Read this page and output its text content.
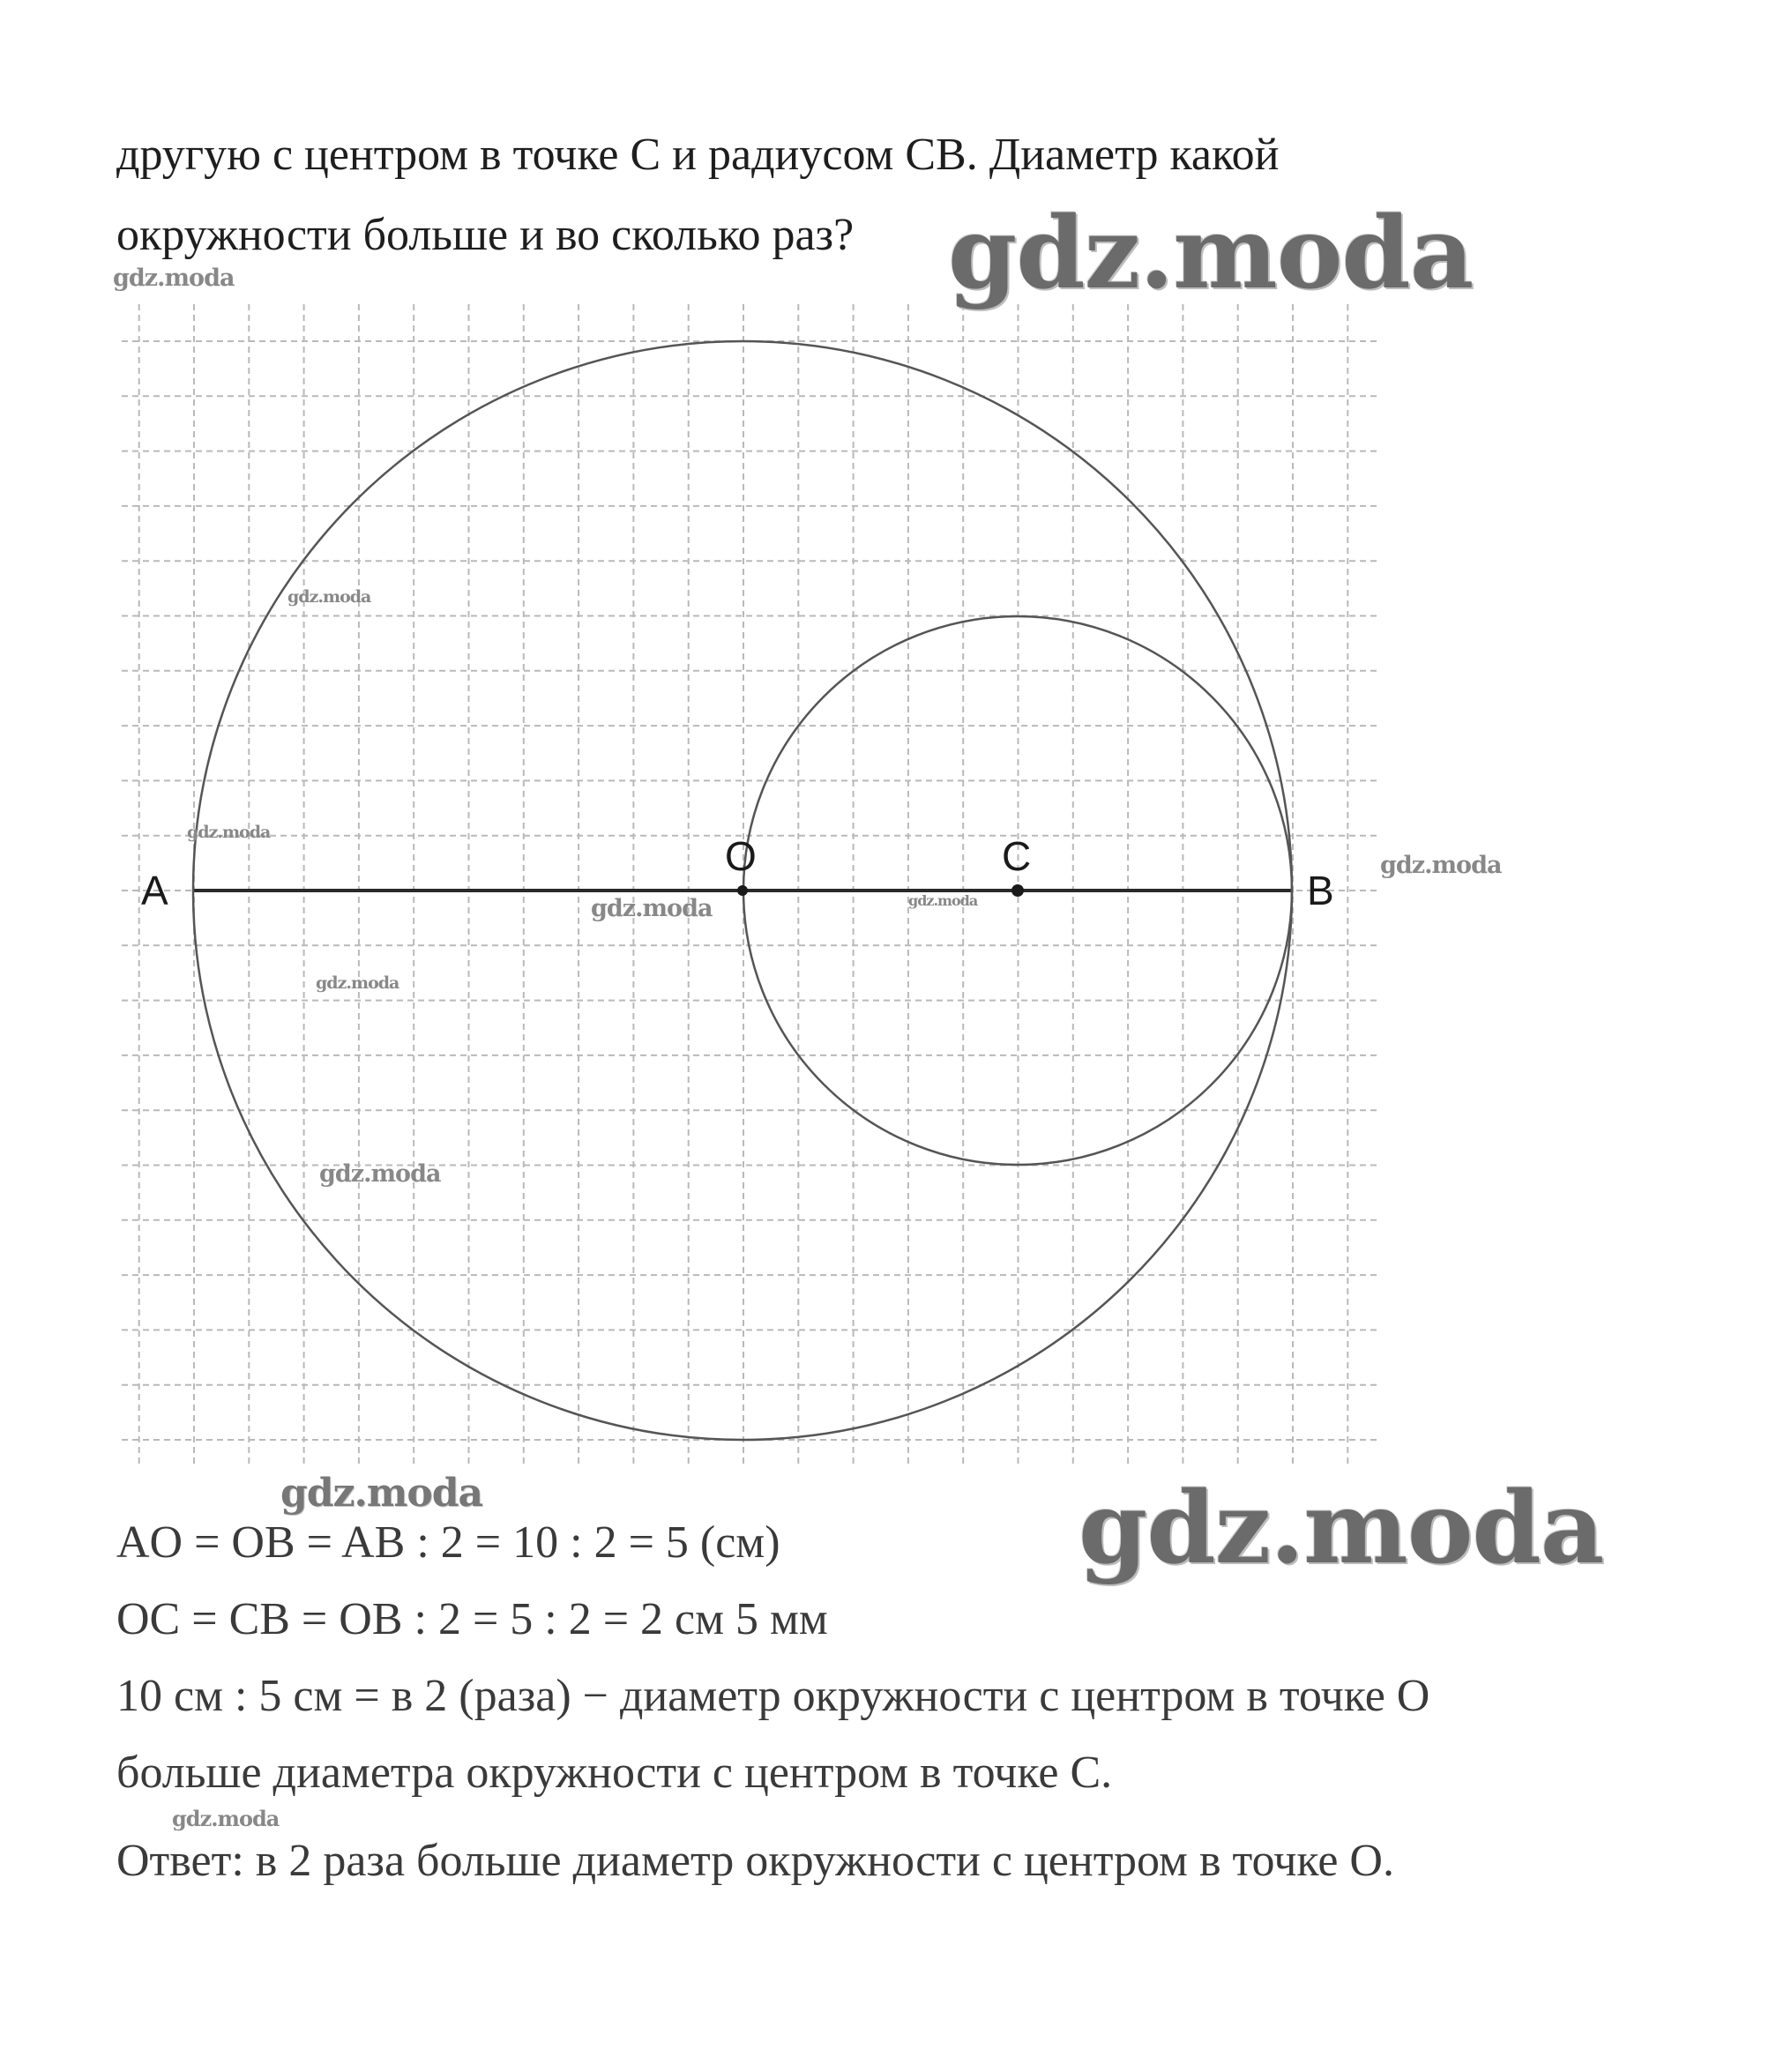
другую с центром в точке С и радиусом СВ. Диаметр какой
окружности больше и во сколько раз?
A
O	C
B
AO = OB = AB : 2 = 10 : 2 = 5 (см)
OC = CB = OB : 2 = 5 : 2 = 2 см 5 мм
10 см : 5 см = в 2 (раза) − диаметр окружности с центром в точке О
больше диаметра окружности с центром в точке С.
Ответ: в 2 раза больше диаметр окружности с центром в точке О.
gdz.moda
gdz.moda
gdz.moda
gdz.moda
gdz.moda
gdz.moda	gdz.moda
gdz.moda
gdz.moda
gdz.moda	gdz.moda
gdz.moda
